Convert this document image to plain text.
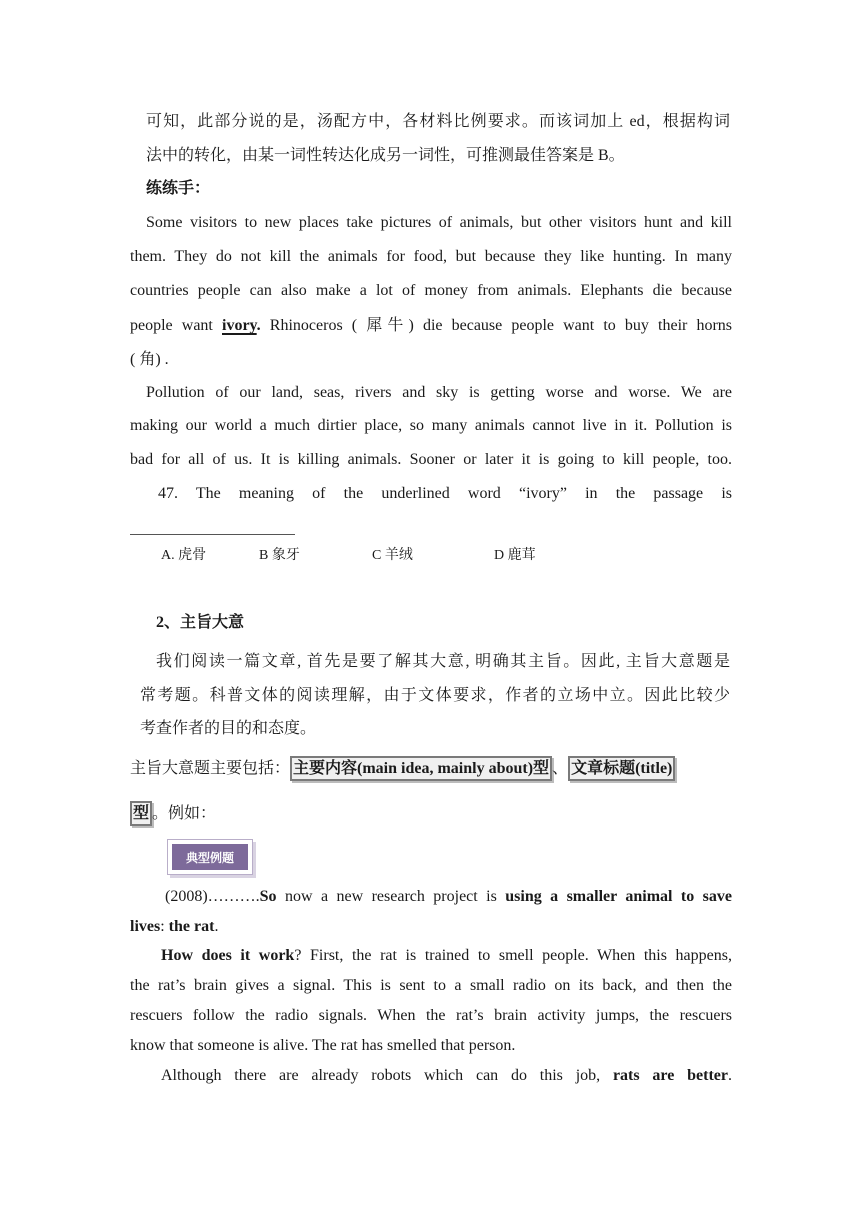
可知，此部分说的是，汤配方中，各材料比例要求。而该词加上 ed，根据构词
法中的转化，由某一词性转达化成另一词性，可推测最佳答案是 B。
练练手：
Some visitors to new places take pictures of animals, but other visitors hunt and kill
them. They do not kill the animals for food, but because they like hunting. In many
countries people can also make a lot of money from animals. Elephants die because
people want ivory. Rhinoceros ( 犀牛) die because people want to buy their horns
( 角) .
Pollution of our land, seas, rivers and sky is getting worse and worse. We are
making our world a much dirtier place, so many animals cannot live in it. Pollution is
bad for all of us. It is killing animals. Sooner or later it is going to kill people, too.
47. The meaning of the underlined word “ivory” in the passage is
A. 虎骨	B 象牙	C 羊绒	D 鹿茸
2、主旨大意
我们阅读一篇文章, 首先是要了解其大意, 明确其主旨。因此, 主旨大意题是
常考题。科普文体的阅读理解，由于文体要求，作者的立场中立。因此比较少
考查作者的目的和态度。
主旨大意题主要包括： 主要内容(main idea, mainly about)型 、 文章标题(title)
型 。例如：
典型例题
(2008)……….So now a new research project is using a smaller animal to save
lives: the rat.
How does it work? First, the rat is trained to smell people. When this happens,
the rat’s brain gives a signal. This is sent to a small radio on its back, and then the
rescuers follow the radio signals. When the rat’s brain activity jumps, the rescuers
know that someone is alive. The rat has smelled that person.
Although there are already robots which can do this job, rats are better.
